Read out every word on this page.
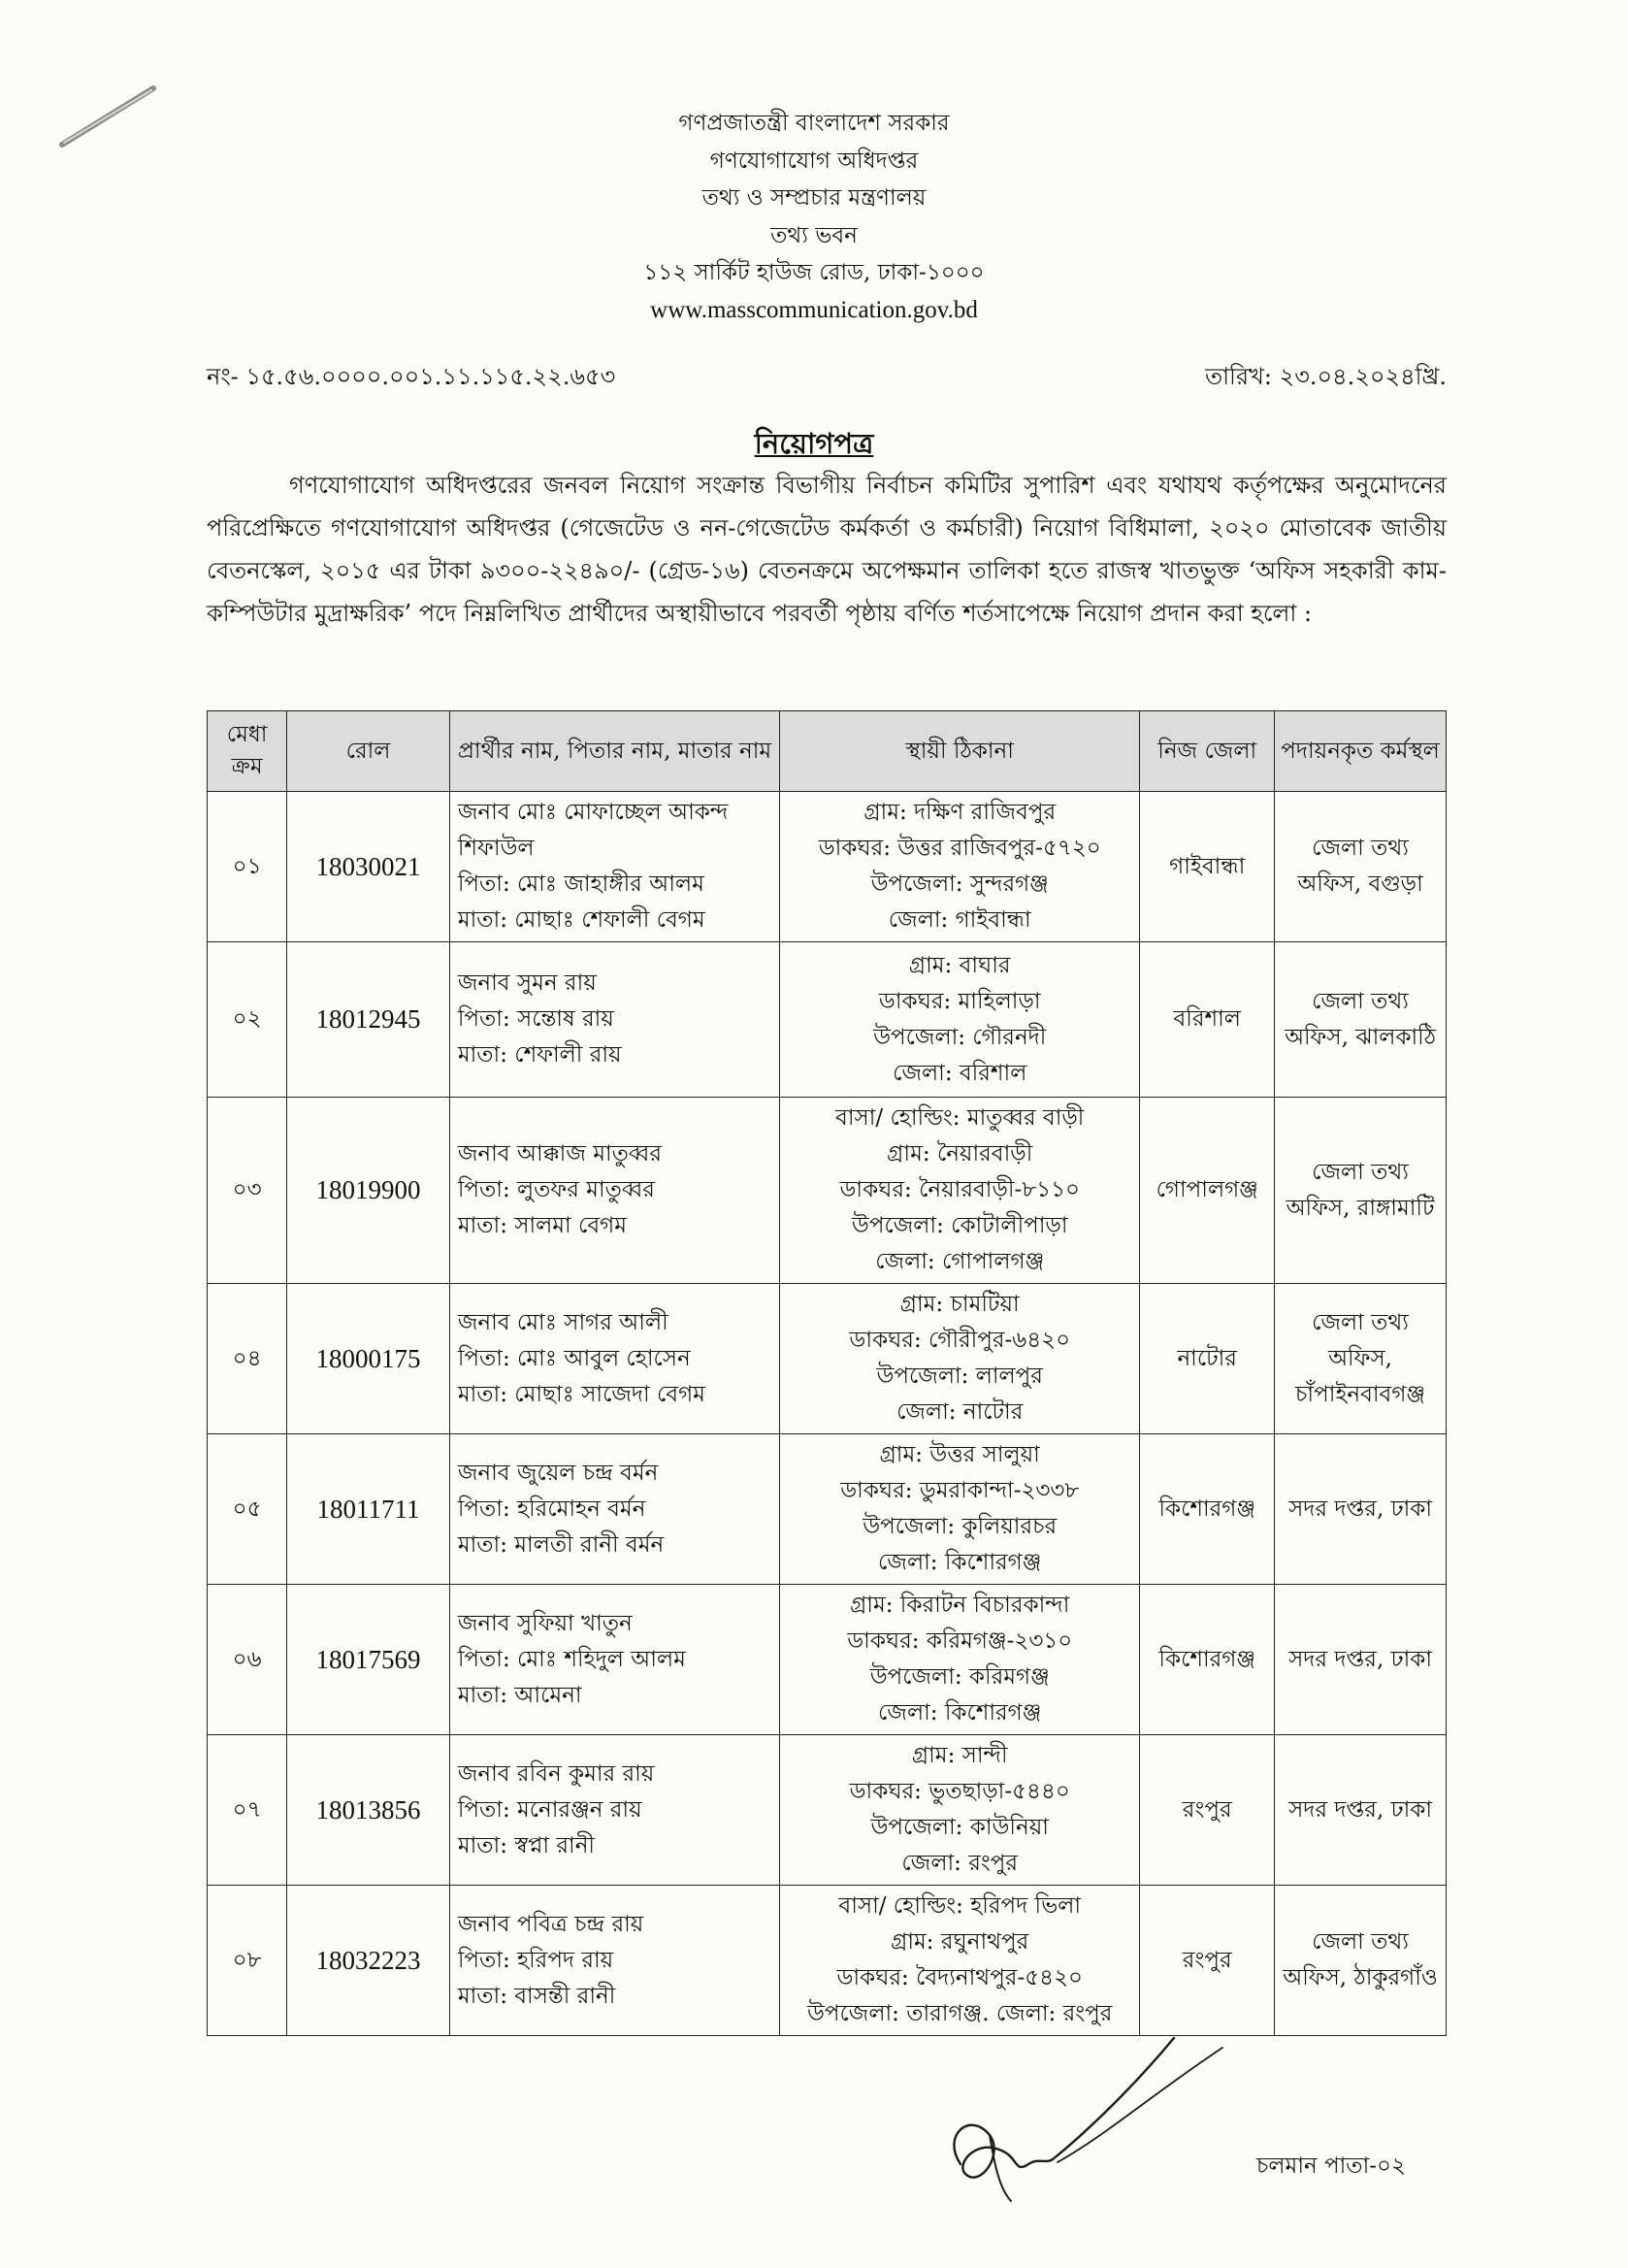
গণপ্রজাতন্ত্রী বাংলাদেশ সরকার
গণযোগাযোগ অধিদপ্তর
তথ্য ও সম্প্রচার মন্ত্রণালয়
তথ্য ভবন
১১২ সার্কিট হাউজ রোড, ঢাকা-১০০০
www.masscommunication.gov.bd
নং- ১৫.৫৬.০০০০.০০১.১১.১১৫.২২.৬৫৩	তারিখ: ২৩.০৪.২০২৪খ্রি.
নিয়োগপত্র
গণযোগাযোগ অধিদপ্তরের জনবল নিয়োগ সংক্রান্ত বিভাগীয় নির্বাচন কমিটির সুপারিশ এবং যথাযথ কর্তৃপক্ষের অনুমোদনের পরিপ্রেক্ষিতে গণযোগাযোগ অধিদপ্তর (গেজেটেড ও নন-গেজেটেড কর্মকর্তা ও কর্মচারী) নিয়োগ বিধিমালা, ২০২০ মোতাবেক জাতীয় বেতনস্কেল, ২০১৫ এর টাকা ৯৩০০-২২৪৯০/- (গ্রেড-১৬) বেতনক্রমে অপেক্ষমান তালিকা হতে রাজস্ব খাতভুক্ত ‘অফিস সহকারী কাম-কম্পিউটার মুদ্রাক্ষরিক’ পদে নিম্নলিখিত প্রার্থীদের অস্থায়ীভাবে পরবর্তী পৃষ্ঠায় বর্ণিত শর্তসাপেক্ষে নিয়োগ প্রদান করা হলো :
মেধা ক্রম	রোল	প্রার্থীর নাম, পিতার নাম, মাতার নাম	স্থায়ী ঠিকানা	নিজ জেলা	পদায়নকৃত কর্মস্থল
০১	18030021	জনাব মোঃ মোফাচ্ছেল আকন্দ শিফাউল
পিতা: মোঃ জাহাঙ্গীর আলম
মাতা: মোছাঃ শেফালী বেগম	গ্রাম: দক্ষিণ রাজিবপুর
ডাকঘর: উত্তর রাজিবপুর-৫৭২০
উপজেলা: সুন্দরগঞ্জ
জেলা: গাইবান্ধা	গাইবান্ধা	জেলা তথ্য অফিস, বগুড়া
০২	18012945	জনাব সুমন রায়
পিতা: সন্তোষ রায়
মাতা: শেফালী রায়	গ্রাম: বাঘার
ডাকঘর: মাহিলাড়া
উপজেলা: গৌরনদী
জেলা: বরিশাল	বরিশাল	জেলা তথ্য অফিস, ঝালকাঠি
০৩	18019900	জনাব আক্কাজ মাতুব্বর
পিতা: লুতফর মাতুব্বর
মাতা: সালমা বেগম	বাসা/ হোল্ডিং: মাতুব্বর বাড়ী
গ্রাম: নৈয়ারবাড়ী
ডাকঘর: নৈয়ারবাড়ী-৮১১০
উপজেলা: কোটালীপাড়া
জেলা: গোপালগঞ্জ	গোপালগঞ্জ	জেলা তথ্য অফিস, রাঙ্গামাটি
০৪	18000175	জনাব মোঃ সাগর আলী
পিতা: মোঃ আবুল হোসেন
মাতা: মোছাঃ সাজেদা বেগম	গ্রাম: চামটিয়া
ডাকঘর: গৌরীপুর-৬৪২০
উপজেলা: লালপুর
জেলা: নাটোর	নাটোর	জেলা তথ্য অফিস, চাঁপাইনবাবগঞ্জ
০৫	18011711	জনাব জুয়েল চন্দ্র বর্মন
পিতা: হরিমোহন বর্মন
মাতা: মালতী রানী বর্মন	গ্রাম: উত্তর সালুয়া
ডাকঘর: ডুমরাকান্দা-২৩৩৮
উপজেলা: কুলিয়ারচর
জেলা: কিশোরগঞ্জ	কিশোরগঞ্জ	সদর দপ্তর, ঢাকা
০৬	18017569	জনাব সুফিয়া খাতুন
পিতা: মোঃ শহিদুল আলম
মাতা: আমেনা	গ্রাম: কিরাটন বিচারকান্দা
ডাকঘর: করিমগঞ্জ-২৩১০
উপজেলা: করিমগঞ্জ
জেলা: কিশোরগঞ্জ	কিশোরগঞ্জ	সদর দপ্তর, ঢাকা
০৭	18013856	জনাব রবিন কুমার রায়
পিতা: মনোরঞ্জন রায়
মাতা: স্বপ্না রানী	গ্রাম: সান্দী
ডাকঘর: ভুতছাড়া-৫৪৪০
উপজেলা: কাউনিয়া
জেলা: রংপুর	রংপুর	সদর দপ্তর, ঢাকা
০৮	18032223	জনাব পবিত্র চন্দ্র রায়
পিতা: হরিপদ রায়
মাতা: বাসন্তী রানী	বাসা/ হোল্ডিং: হরিপদ ভিলা
গ্রাম: রঘুনাথপুর
ডাকঘর: বৈদ্যনাথপুর-৫৪২০
উপজেলা: তারাগঞ্জ. জেলা: রংপুর	রংপুর	জেলা তথ্য অফিস, ঠাকুরগাঁও
চলমান পাতা-০২
